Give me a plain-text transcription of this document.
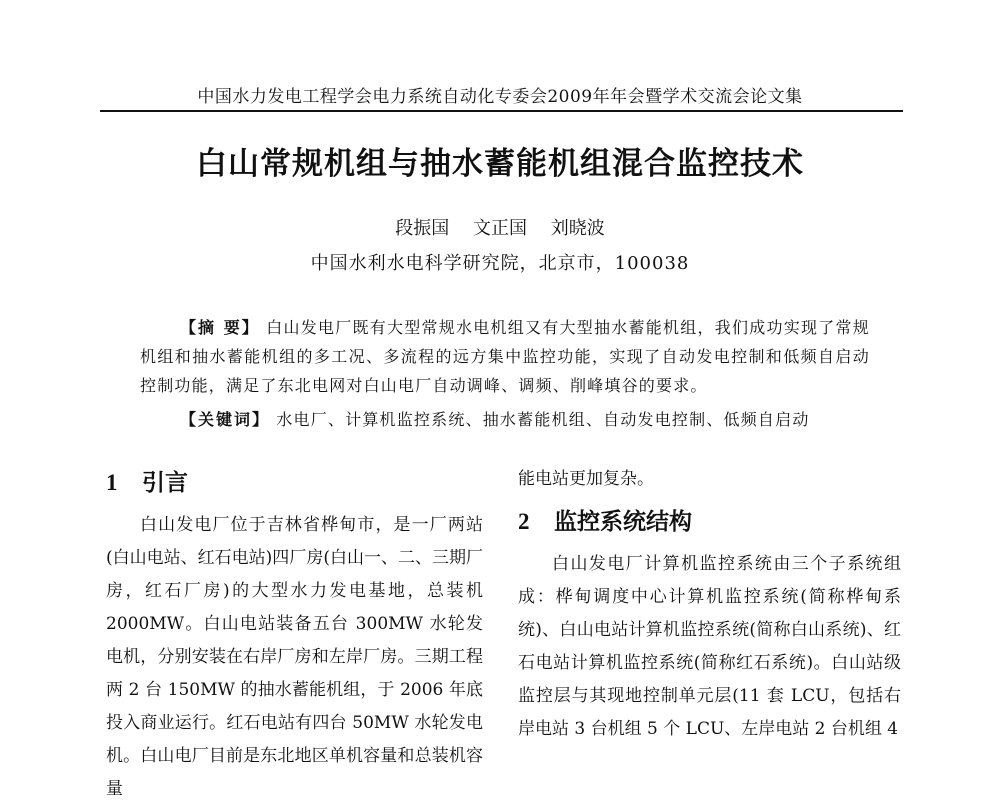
中国水力发电工程学会电力系统自动化专委会2009年年会暨学术交流会论文集
白山常规机组与抽水蓄能机组混合监控技术
段振国 文正国 刘晓波
中国水利水电科学研究院，北京市，100038
【摘 要】 白山发电厂既有大型常规水电机组又有大型抽水蓄能机组，我们成功实现了常规机组和抽水蓄能机组的多工况、多流程的远方集中监控功能，实现了自动发电控制和低频自启动控制功能，满足了东北电网对白山电厂自动调峰、调频、削峰填谷的要求。
【关键词】 水电厂、计算机监控系统、抽水蓄能机组、自动发电控制、低频自启动
1 引言

白山发电厂位于吉林省桦甸市，是一厂两站(白山电站、红石电站)四厂房(白山一、二、三期厂房，红石厂房)的大型水力发电基地，总装机2000MW。白山电站装备五台 300MW 水轮发电机，分别安装在右岸厂房和左岸厂房。三期工程两 2 台 150MW 的抽水蓄能机组，于 2006 年底投入商业运行。红石电站有四台 50MW 水轮发电机。白山电厂目前是东北地区单机容量和总装机容量

能电站更加复杂。

2 监控系统结构

白山发电厂计算机监控系统由三个子系统组成：桦甸调度中心计算机监控系统(简称桦甸系统)、白山电站计算机监控系统(简称白山系统)、红石电站计算机监控系统(简称红石系统)。白山站级监控层与其现地控制单元层(11 套 LCU，包括右岸电站 3 台机组 5 个 LCU、左岸电站 2 台机组 4
